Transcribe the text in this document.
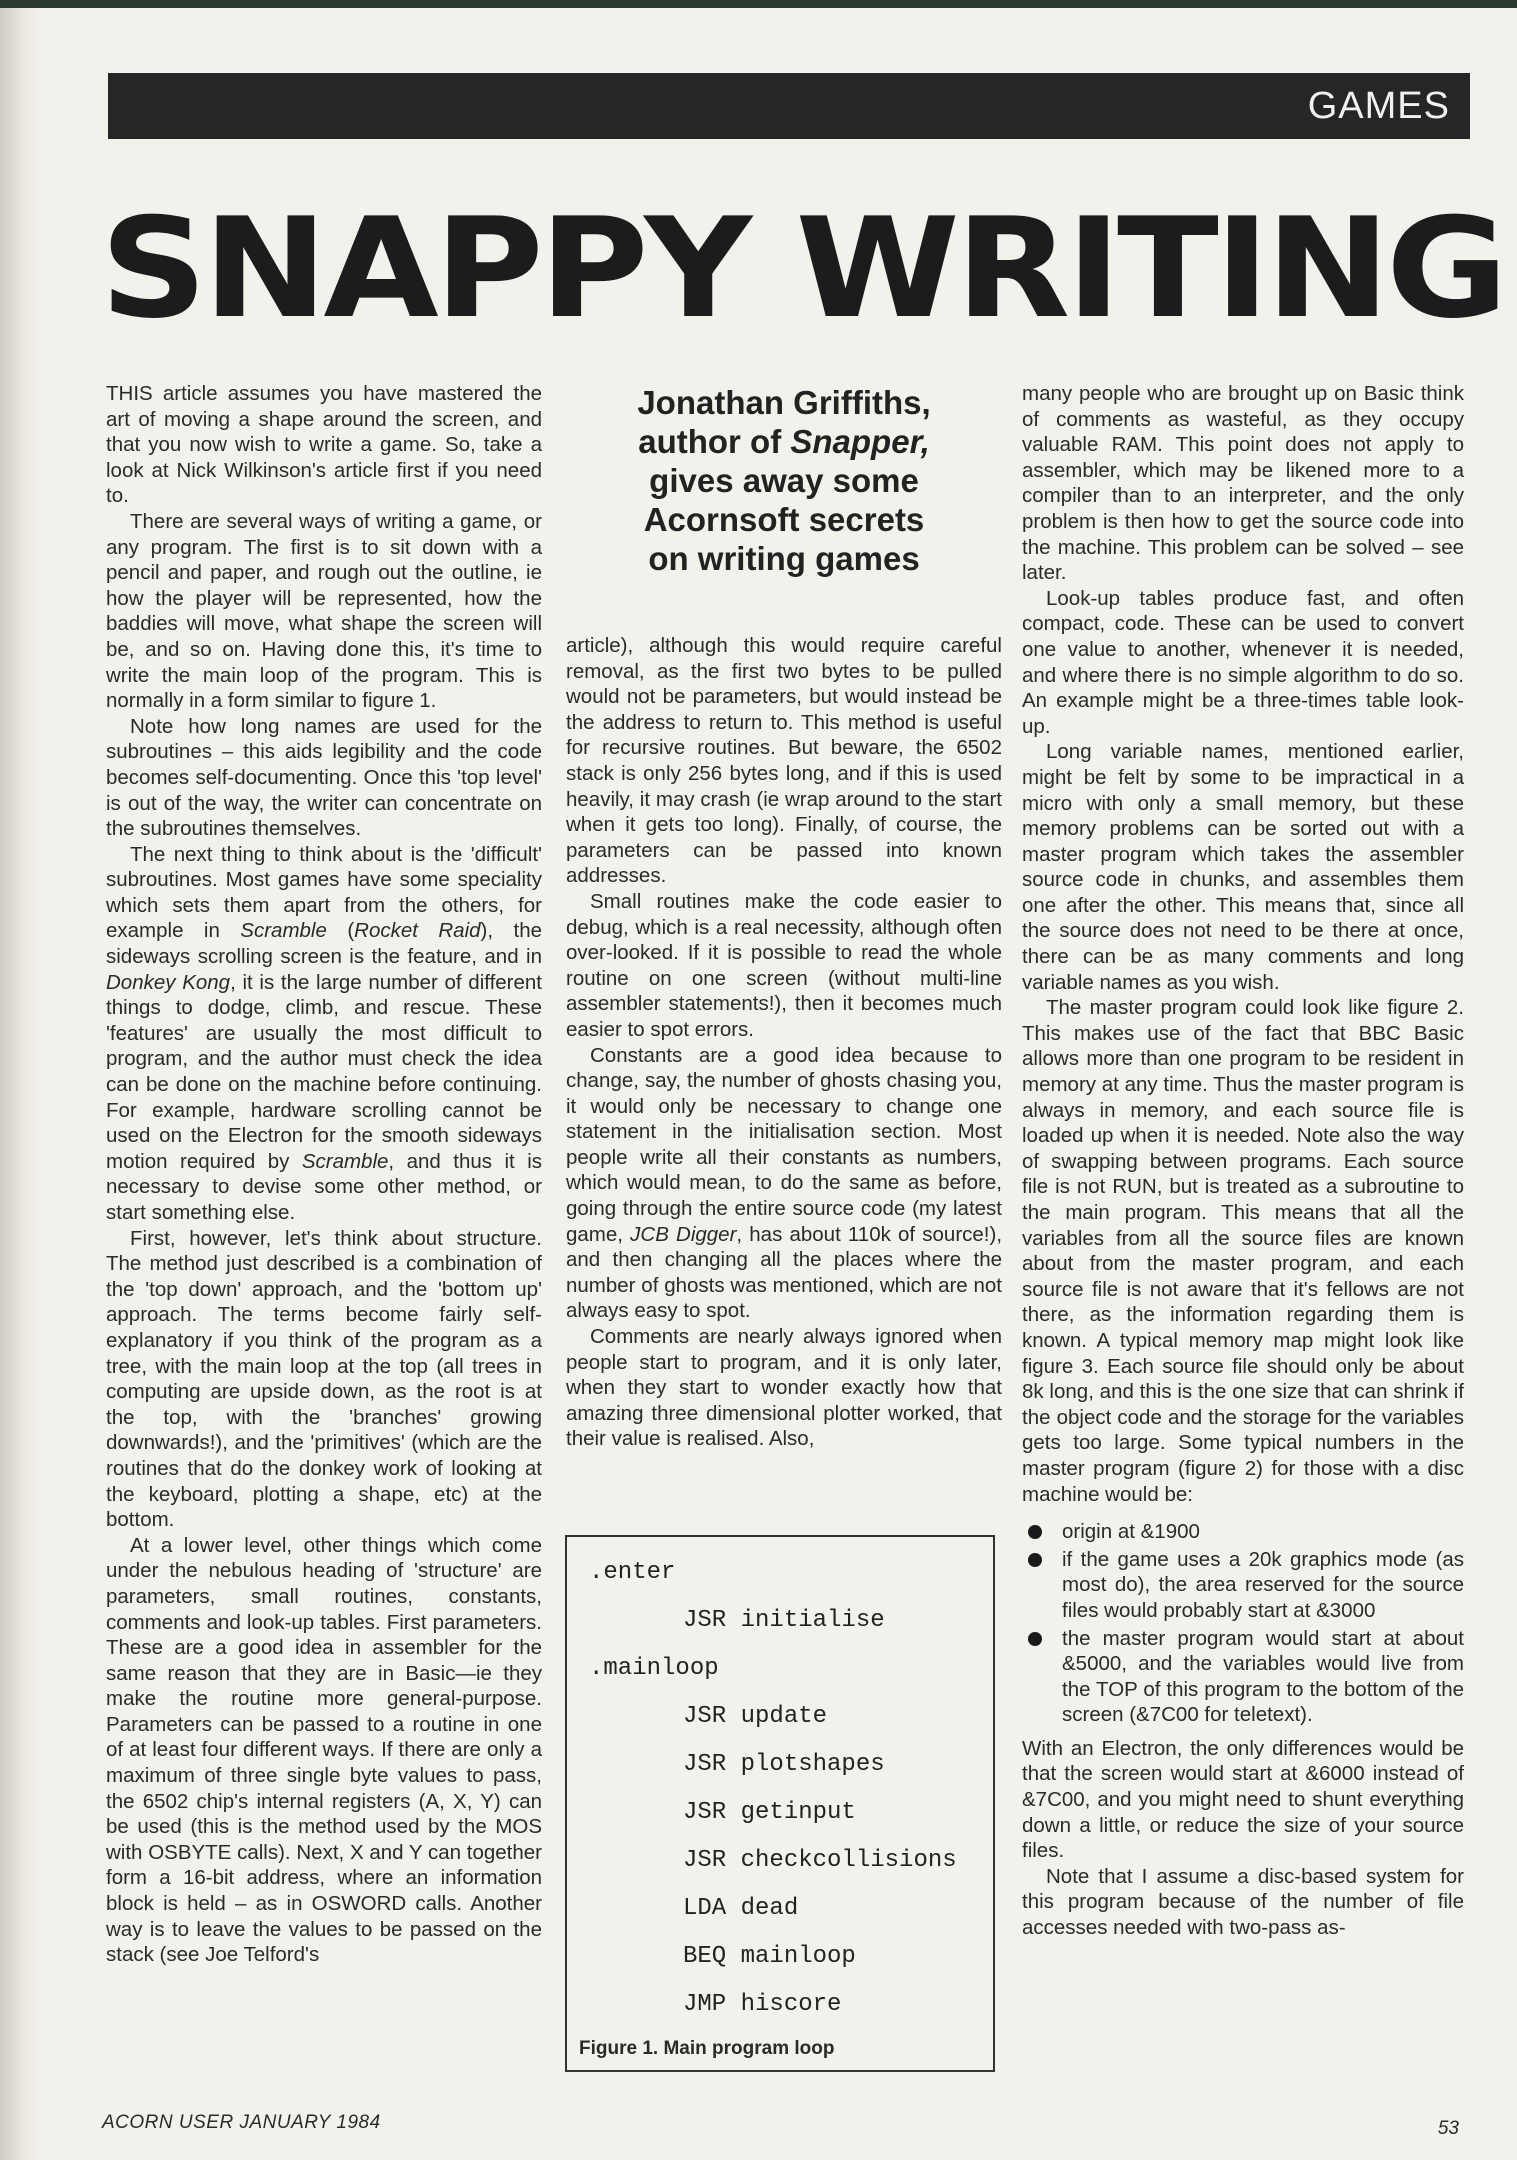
GAMES
SNAPPY WRITING

THIS article assumes you have mastered the art of moving a shape around the screen, and that you now wish to write a game. So, take a look at Nick Wilkinson's article first if you need to.

There are several ways of writing a game, or any program. The first is to sit down with a pencil and paper, and rough out the outline, ie how the player will be represented, how the baddies will move, what shape the screen will be, and so on. Having done this, it's time to write the main loop of the program. This is normally in a form similar to figure 1.

Note how long names are used for the subroutines – this aids legibility and the code becomes self-documenting. Once this 'top level' is out of the way, the writer can concentrate on the subroutines themselves.

The next thing to think about is the 'difficult' subroutines. Most games have some speciality which sets them apart from the others, for example in Scramble (Rocket Raid), the sideways scrolling screen is the feature, and in Donkey Kong, it is the large number of different things to dodge, climb, and rescue. These 'features' are usually the most difficult to program, and the author must check the idea can be done on the machine before continuing. For example, hardware scrolling cannot be used on the Electron for the smooth sideways motion required by Scramble, and thus it is necessary to devise some other method, or start something else.

First, however, let's think about structure. The method just described is a combination of the 'top down' approach, and the 'bottom up' approach. The terms become fairly self-explanatory if you think of the program as a tree, with the main loop at the top (all trees in computing are upside down, as the root is at the top, with the 'branches' growing downwards!), and the 'primitives' (which are the routines that do the donkey work of looking at the keyboard, plotting a shape, etc) at the bottom.

At a lower level, other things which come under the nebulous heading of 'structure' are parameters, small routines, constants, comments and look-up tables. First parameters. These are a good idea in assembler for the same reason that they are in Basic—ie they make the routine more general-purpose. Parameters can be passed to a routine in one of at least four different ways. If there are only a maximum of three single byte values to pass, the 6502 chip's internal registers (A, X, Y) can be used (this is the method used by the MOS with OSBYTE calls). Next, X and Y can together form a 16-bit address, where an information block is held – as in OSWORD calls. Another way is to leave the values to be passed on the stack (see Joe Telford's

Jonathan Griffiths,
author of Snapper,
gives away some
Acornsoft secrets
on writing games

article), although this would require careful removal, as the first two bytes to be pulled would not be parameters, but would instead be the address to return to. This method is useful for recursive routines. But beware, the 6502 stack is only 256 bytes long, and if this is used heavily, it may crash (ie wrap around to the start when it gets too long). Finally, of course, the parameters can be passed into known addresses.

Small routines make the code easier to debug, which is a real necessity, although often over-looked. If it is possible to read the whole routine on one screen (without multi-line assembler statements!), then it becomes much easier to spot errors.

Constants are a good idea because to change, say, the number of ghosts chasing you, it would only be necessary to change one statement in the initialisation section. Most people write all their constants as numbers, which would mean, to do the same as before, going through the entire source code (my latest game, JCB Digger, has about 110k of source!), and then changing all the places where the number of ghosts was mentioned, which are not always easy to spot.

Comments are nearly always ignored when people start to program, and it is only later, when they start to wonder exactly how that amazing three dimensional plotter worked, that their value is realised. Also,

.enter
JSR initialise
.mainloop
JSR update
JSR plotshapes
JSR getinput
JSR checkcollisions
LDA dead
BEQ mainloop
JMP hiscore
Figure 1. Main program loop

many people who are brought up on Basic think of comments as wasteful, as they occupy valuable RAM. This point does not apply to assembler, which may be likened more to a compiler than to an interpreter, and the only problem is then how to get the source code into the machine. This problem can be solved – see later.

Look-up tables produce fast, and often compact, code. These can be used to convert one value to another, whenever it is needed, and where there is no simple algorithm to do so. An example might be a three-times table look-up.

Long variable names, mentioned earlier, might be felt by some to be impractical in a micro with only a small memory, but these memory problems can be sorted out with a master program which takes the assembler source code in chunks, and assembles them one after the other. This means that, since all the source does not need to be there at once, there can be as many comments and long variable names as you wish.

The master program could look like figure 2. This makes use of the fact that BBC Basic allows more than one program to be resident in memory at any time. Thus the master program is always in memory, and each source file is loaded up when it is needed. Note also the way of swapping between programs. Each source file is not RUN, but is treated as a subroutine to the main program. This means that all the variables from all the source files are known about from the master program, and each source file is not aware that it's fellows are not there, as the information regarding them is known. A typical memory map might look like figure 3. Each source file should only be about 8k long, and this is the one size that can shrink if the object code and the storage for the variables gets too large. Some typical numbers in the master program (figure 2) for those with a disc machine would be:

origin at &1900
if the game uses a 20k graphics mode (as most do), the area reserved for the source files would probably start at &3000
the master program would start at about &5000, and the variables would live from the TOP of this program to the bottom of the screen (&7C00 for teletext).

With an Electron, the only differences would be that the screen would start at &6000 instead of &7C00, and you might need to shunt everything down a little, or reduce the size of your source files.

Note that I assume a disc-based system for this program because of the number of file accesses needed with two-pass as-

ACORN USER JANUARY 1984	53
